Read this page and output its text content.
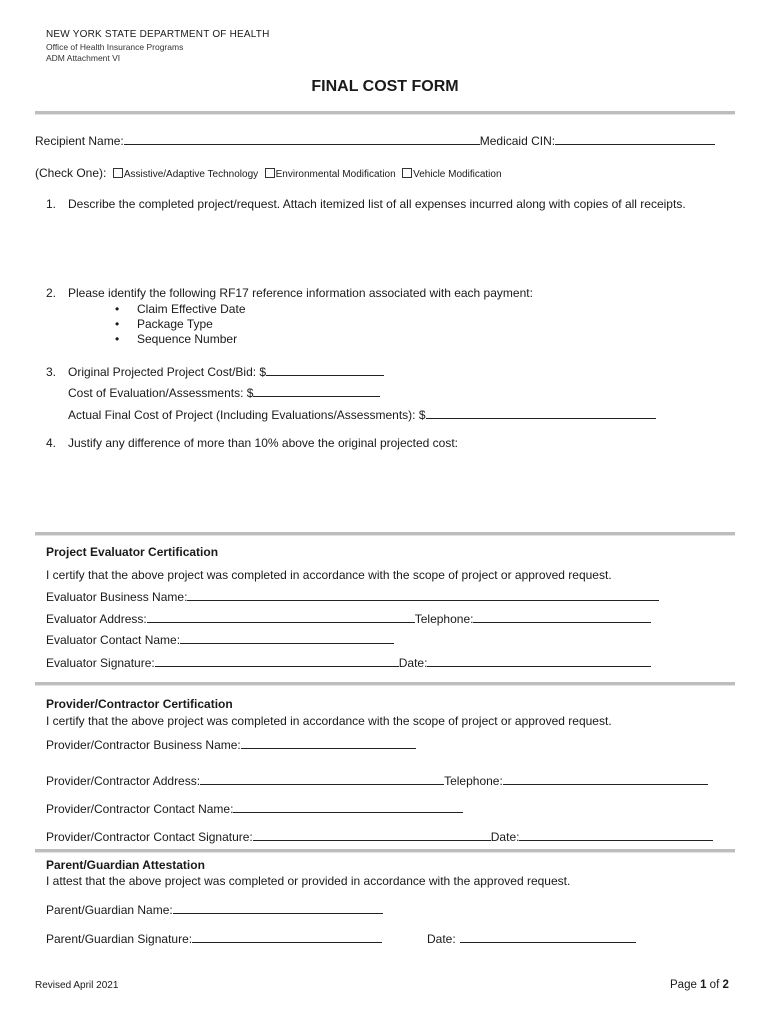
NEW YORK STATE DEPARTMENT OF HEALTH
Office of Health Insurance Programs
ADM Attachment VI
FINAL COST FORM
Recipient Name:	Medicaid CIN:
(Check One): Assistive/Adaptive Technology Environmental Modification Vehicle Modification
1. Describe the completed project/request. Attach itemized list of all expenses incurred along with copies of all receipts.
2. Please identify the following RF17 reference information associated with each payment:
• Claim Effective Date
• Package Type
• Sequence Number
3. Original Projected Project Cost/Bid: $
Cost of Evaluation/Assessments: $
Actual Final Cost of Project (Including Evaluations/Assessments): $
4. Justify any difference of more than 10% above the original projected cost:
Project Evaluator Certification
I certify that the above project was completed in accordance with the scope of project or approved request.
Evaluator Business Name:
Evaluator Address:	Telephone:
Evaluator Contact Name:
Evaluator Signature:	Date:
Provider/Contractor Certification
I certify that the above project was completed in accordance with the scope of project or approved request.
Provider/Contractor Business Name:
Provider/Contractor Address:	Telephone:
Provider/Contractor Contact Name:
Provider/Contractor Contact Signature:	Date:
Parent/Guardian Attestation
I attest that the above project was completed or provided in accordance with the approved request.
Parent/Guardian Name:
Parent/Guardian Signature:	Date:
Revised April 2021	Page 1 of 2
